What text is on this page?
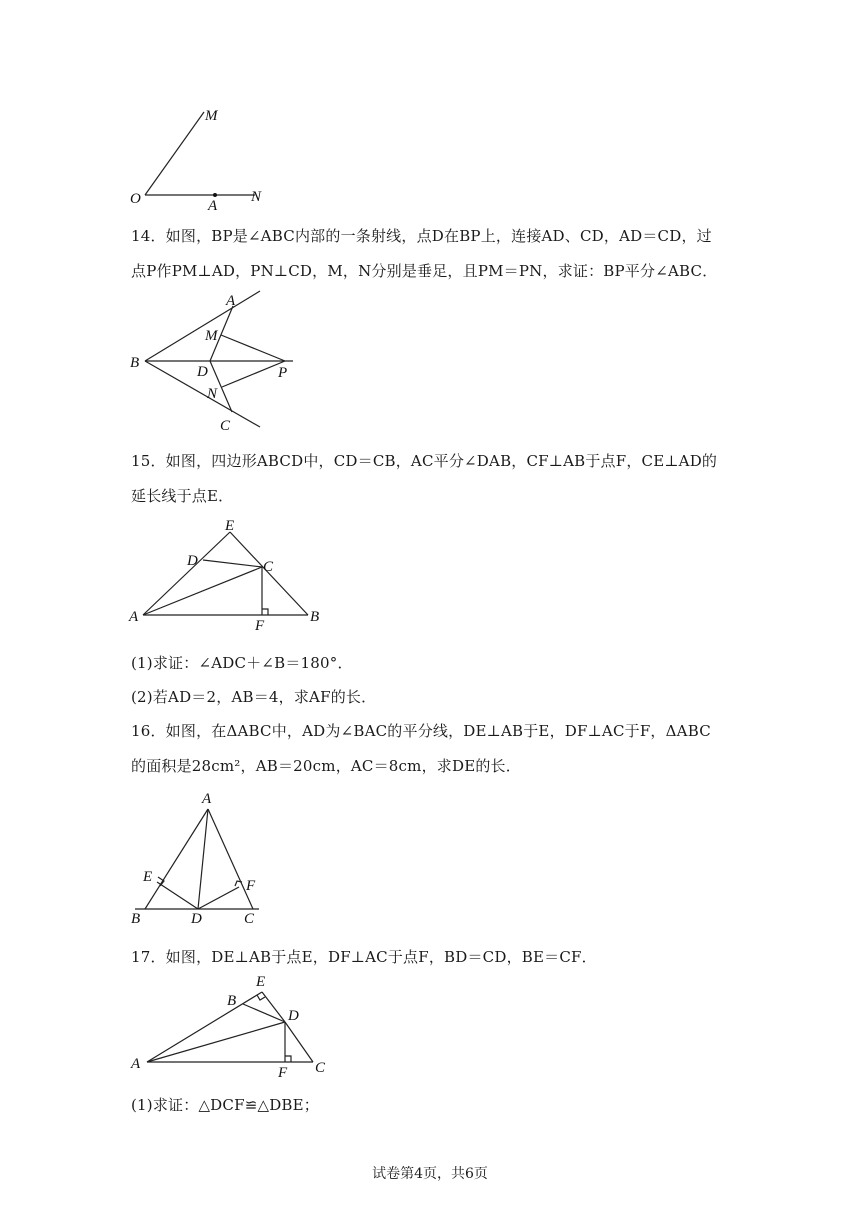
M
O	A
N
14．如图，BP是∠ABC内部的一条射线，点D在BP上，连接AD、CD，AD＝CD，过
点P作PM⊥AD，PN⊥CD，M，N分别是垂足，且PM＝PN，求证：BP平分∠ABC．
A
M
B
D	P
N
C
15．如图，四边形ABCD中，CD＝CB，AC平分∠DAB，CF⊥AB于点F，CE⊥AD的
延长线于点E．
E
D	C
A
F
B
(1)求证：∠ADC＋∠B＝180°．
(2)若AD＝2，AB＝4，求AF的长．
16．如图，在ΔABC中，AD为∠BAC的平分线，DE⊥AB于E，DF⊥AC于F，ΔABC
的面积是28cm²，AB＝20cm，AC＝8cm，求DE的长．
A
E
F
B	D	C
17．如图，DE⊥AB于点E，DF⊥AC于点F，BD＝CD，BE＝CF．
E
B
D
A
F C
(1)求证：△DCF≌△DBE；
试卷第4页，共6页
